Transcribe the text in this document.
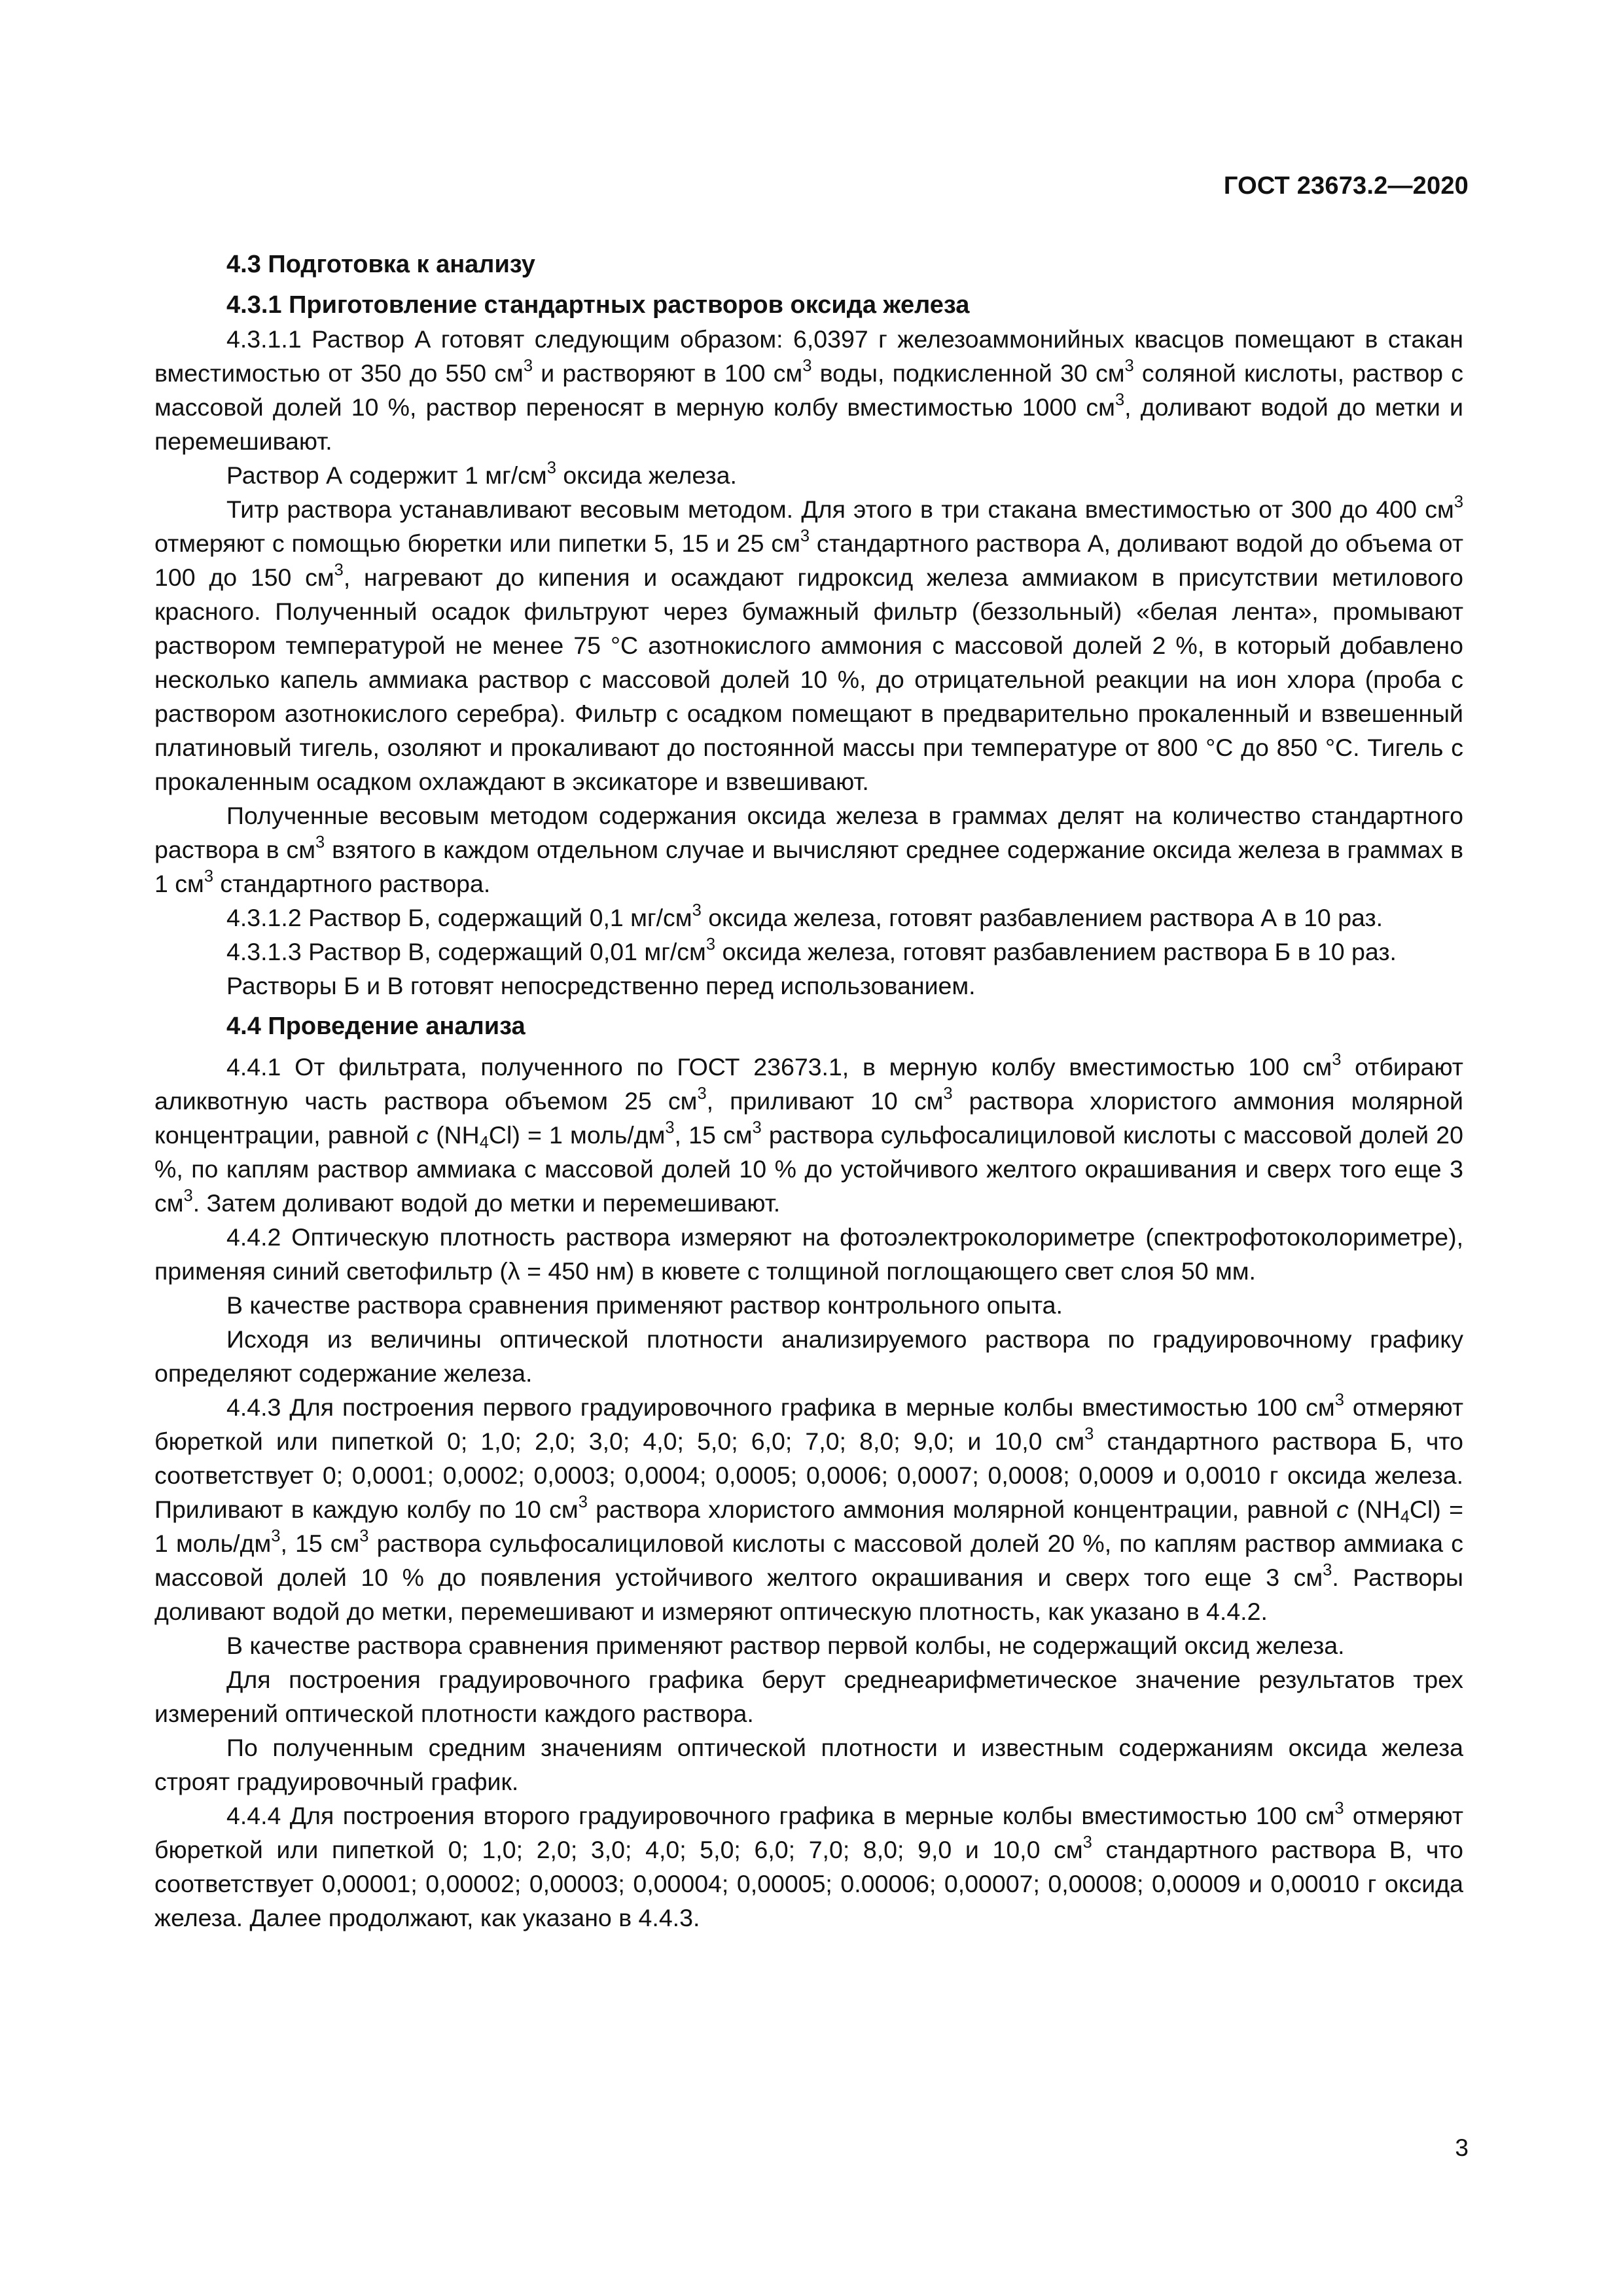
ГОСТ 23673.2—2020
4.3 Подготовка к анализу
4.3.1 Приготовление стандартных растворов оксида железа

4.3.1.1 Раствор А готовят следующим образом: 6,0397 г железоаммонийных квасцов помещают в стакан вместимостью от 350 до 550 $см^3$ и растворяют в 100 $см^3$ воды, подкисленной 30 $см^3$ соляной кислоты, раствор с массовой долей 10 %, раствор переносят в мерную колбу вместимостью 1000 $см^3$, доливают водой до метки и перемешивают.

Раствор А содержит 1 $мг/см^3$ оксида железа.

Титр раствора устанавливают весовым методом. Для этого в три стакана вместимостью от 300 до 400 $см^3$ отмеряют с помощью бюретки или пипетки 5, 15 и 25 $см^3$ стандартного раствора А, доливают водой до объема от 100 до 150 $см^3$, нагревают до кипения и осаждают гидроксид железа аммиаком в присутствии метилового красного. Полученный осадок фильтруют через бумажный фильтр (беззольный) «белая лента», промывают раствором температурой не менее 75 °С азотнокислого аммония с массовой долей 2 %, в который добавлено несколько капель аммиака раствор с массовой долей 10 %, до отрицательной реакции на ион хлора (проба с раствором азотнокислого серебра). Фильтр с осадком помещают в предварительно прокаленный и взвешенный платиновый тигель, озоляют и прокаливают до постоянной массы при температуре от 800 °С до 850 °С. Тигель с прокаленным осадком охлаждают в эксикаторе и взвешивают.

Полученные весовым методом содержания оксида железа в граммах делят на количество стандартного раствора в $см^3$ взятого в каждом отдельном случае и вычисляют среднее содержание оксида железа в граммах в 1 $см^3$ стандартного раствора.

4.3.1.2 Раствор Б, содержащий 0,1 $мг/см^3$ оксида железа, готовят разбавлением раствора А в 10 раз.

4.3.1.3 Раствор В, содержащий 0,01 $мг/см^3$ оксида железа, готовят разбавлением раствора Б в 10 раз.

Растворы Б и В готовят непосредственно перед использованием.

4.4 Проведение анализа

4.4.1 От фильтрата, полученного по ГОСТ 23673.1, в мерную колбу вместимостью 100 $см^3$ отбирают аликвотную часть раствора объемом 25 $см^3$, приливают 10 $см^3$ раствора хлористого аммония молярной концентрации, равной c $(NH_4Cl) = 1$ моль/$дм^3$, 15 $см^3$ раствора сульфосалициловой кислоты с массовой долей 20 %, по каплям раствор аммиака с массовой долей 10 % до устойчивого желтого окрашивания и сверх того еще 3 $см^3$. Затем доливают водой до метки и перемешивают.

4.4.2 Оптическую плотность раствора измеряют на фотоэлектроколориметре (спектрофотоколориметре), применяя синий светофильтр (λ = 450 нм) в кювете с толщиной поглощающего свет слоя 50 мм.

В качестве раствора сравнения применяют раствор контрольного опыта.

Исходя из величины оптической плотности анализируемого раствора по градуировочному графику определяют содержание железа.

4.4.3 Для построения первого градуировочного графика в мерные колбы вместимостью 100 $см^3$ отмеряют бюреткой или пипеткой 0; 1,0; 2,0; 3,0; 4,0; 5,0; 6,0; 7,0; 8,0; 9,0; и 10,0 $см^3$ стандартного раствора Б, что соответствует 0; 0,0001; 0,0002; 0,0003; 0,0004; 0,0005; 0,0006; 0,0007; 0,0008; 0,0009 и 0,0010 г оксида железа. Приливают в каждую колбу по 10 $см^3$ раствора хлористого аммония молярной концентрации, равной c $(NH_4Cl) = 1$ моль/$дм^3$, 15 $см^3$ раствора сульфосалициловой кислоты с массовой долей 20 %, по каплям раствор аммиака с массовой долей 10 % до появления устойчивого желтого окрашивания и сверх того еще 3 $см^3$. Растворы доливают водой до метки, перемешивают и измеряют оптическую плотность, как указано в 4.4.2.

В качестве раствора сравнения применяют раствор первой колбы, не содержащий оксид железа.

Для построения градуировочного графика берут среднеарифметическое значение результатов трех измерений оптической плотности каждого раствора.

По полученным средним значениям оптической плотности и известным содержаниям оксида железа строят градуировочный график.

4.4.4 Для построения второго градуировочного графика в мерные колбы вместимостью 100 $см^3$ отмеряют бюреткой или пипеткой 0; 1,0; 2,0; 3,0; 4,0; 5,0; 6,0; 7,0; 8,0; 9,0 и 10,0 $см^3$ стандартного раствора В, что соответствует 0,00001; 0,00002; 0,00003; 0,00004; 0,00005; 0.00006; 0,00007; 0,00008; 0,00009 и 0,00010 г оксида железа. Далее продолжают, как указано в 4.4.3.

3
